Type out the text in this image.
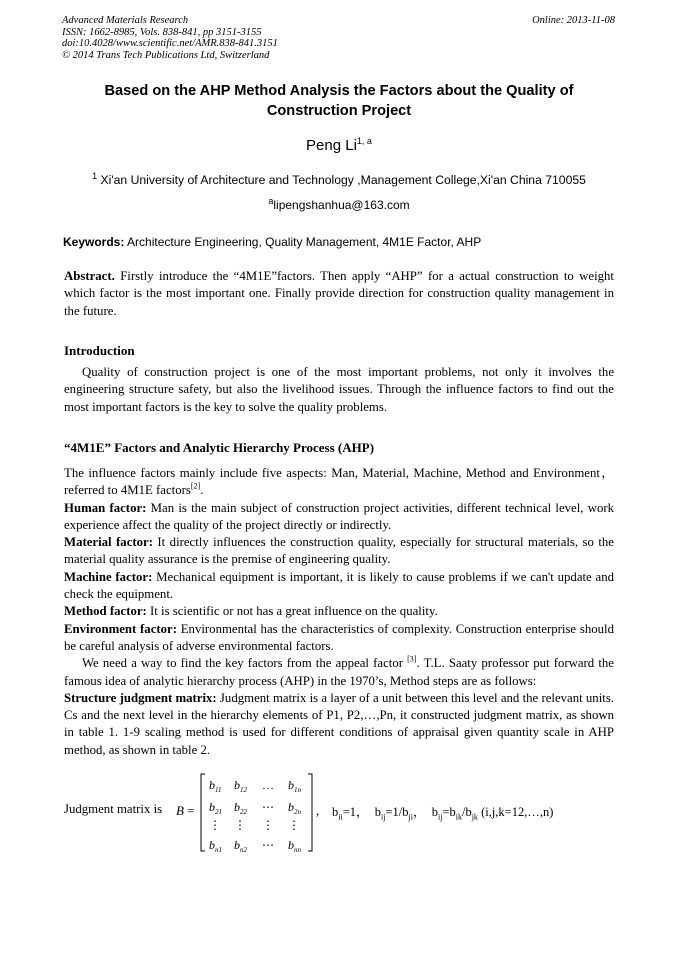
Advanced Materials Research
ISSN: 1662-8985, Vols. 838-841, pp 3151-3155
doi:10.4028/www.scientific.net/AMR.838-841.3151
© 2014 Trans Tech Publications Ltd, Switzerland
Online: 2013-11-08
Based on the AHP Method Analysis the Factors about the Quality of
Construction Project
Peng Li$^{1, a}$
$^1$ Xi'an University of Architecture and Technology ,Management College,Xi'an China 710055
$^a$lipengshanhua@163.com
Keywords: Architecture Engineering, Quality Management, 4M1E Factor, AHP

Abstract. Firstly introduce the “4M1E”factors. Then apply “AHP” for a actual construction to weight which factor is the most important one. Finally provide direction for construction quality management in the future.

Introduction

Quality of construction project is one of the most important problems, not only it involves the engineering structure safety, but also the livelihood issues. Through the influence factors to find out the most important factors is the key to solve the quality problems.

“4M1E” Factors and Analytic Hierarchy Process (AHP)

The influence factors mainly include five aspects: Man, Material, Machine, Method and Environment， referred to 4M1E factors[2].

Human factor: Man is the main subject of construction project activities, different technical level, work experience affect the quality of the project directly or indirectly.

Material factor: It directly influences the construction quality, especially for structural materials, so the material quality assurance is the premise of engineering quality.

Machine factor: Mechanical equipment is important, it is likely to cause problems if we can't update and check the equipment.

Method factor: It is scientific or not has a great influence on the quality.

Environment factor: Environmental has the characteristics of complexity. Construction enterprise should be careful analysis of adverse environmental factors.

We need a way to find the key factors from the appeal factor [3]. T.L. Saaty professor put forward the famous idea of analytic hierarchy process (AHP) in the 1970’s, Method steps are as follows:

Structure judgment matrix: Judgment matrix is a layer of a unit between this level and the relevant units. Cs and the next level in the hierarchy elements of P1, P2,…,Pn, it constructed judgment matrix, as shown in table 1. 1-9 scaling method is used for different conditions of appraisal given quantity scale in AHP method, as shown in table 2.

Judgment matrix is B =
$b_{11}$ $b_{12}$ … $b_{1n}$
$b_{21}$ $b_{22}$ ⋯ $b_{2n}$
⋮ ⋮ ⋮ ⋮
$b_{n1}$ $b_{n2}$ ⋯ $b_{nn}$
, $b_{ii}=1$， $b_{ij}=1/b_{ji}$， $b_{ij}=b_{ik}/b_{jk}$ (i,j,k=12,…,n)
